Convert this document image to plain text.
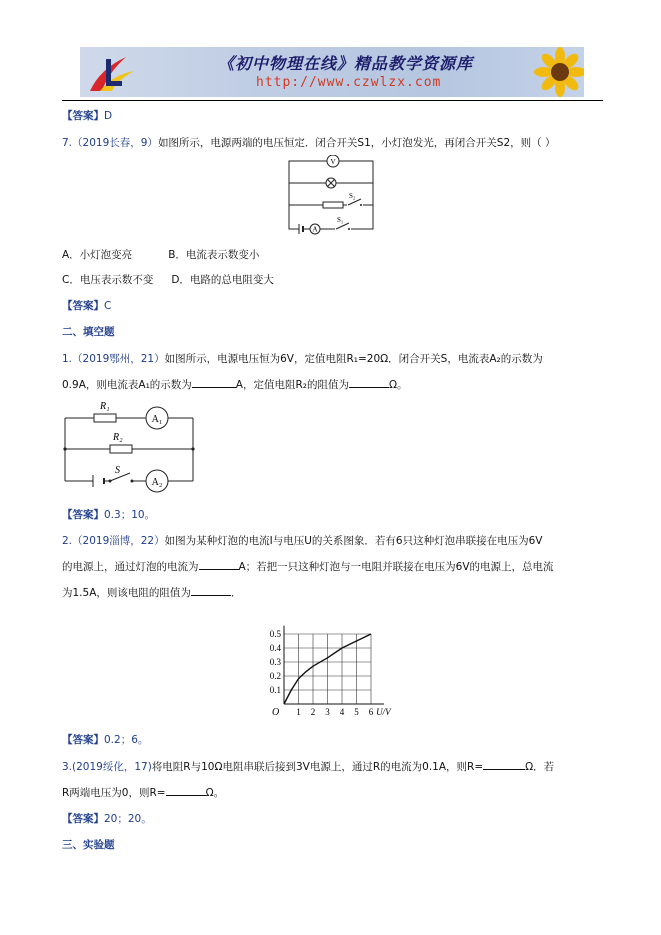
《初中物理在线》精品教学资源库
http://www.czwlzx.com
【答案】D
7.（2019长春，9）如图所示，电源两端的电压恒定．闭合开关S1，小灯泡发光，再闭合开关S2，则（ ）
V
S₂
A
S₁
A．小灯泡变亮	B．电流表示数变小
C．电压表示数不变 D．电路的总电阻变大
【答案】C
二、填空题
1.（2019鄂州，21）如图所示，电源电压恒为6V，定值电阻R₁=20Ω．闭合开关S，电流表A₂的示数为
0.9A，则电流表A₁的示数为	A，定值电阻R₂的阻值为	Ω。
R₁
A₁
R₂
S
A₂
【答案】0.3；10。
2.（2019淄博，22）如图为某种灯泡的电流I与电压U的关系图象．若有6只这种灯泡串联接在电压为6V
的电源上，通过灯泡的电流为	A；若把一只这种灯泡与一电阻并联接在电压为6V的电源上，总电流
为1.5A，则该电阻的阻值为	．
1 2 3 4 5 6
0.1
0.2
0.3
0.4
0.5
O	U/V
【答案】0.2；6。
3.(2019绥化，17)将电阻R与10Ω电阻串联后接到3V电源上，通过R的电流为0.1A，则R=	Ω．若
R两端电压为0，则R=	Ω。
【答案】20；20。
三、实验题
